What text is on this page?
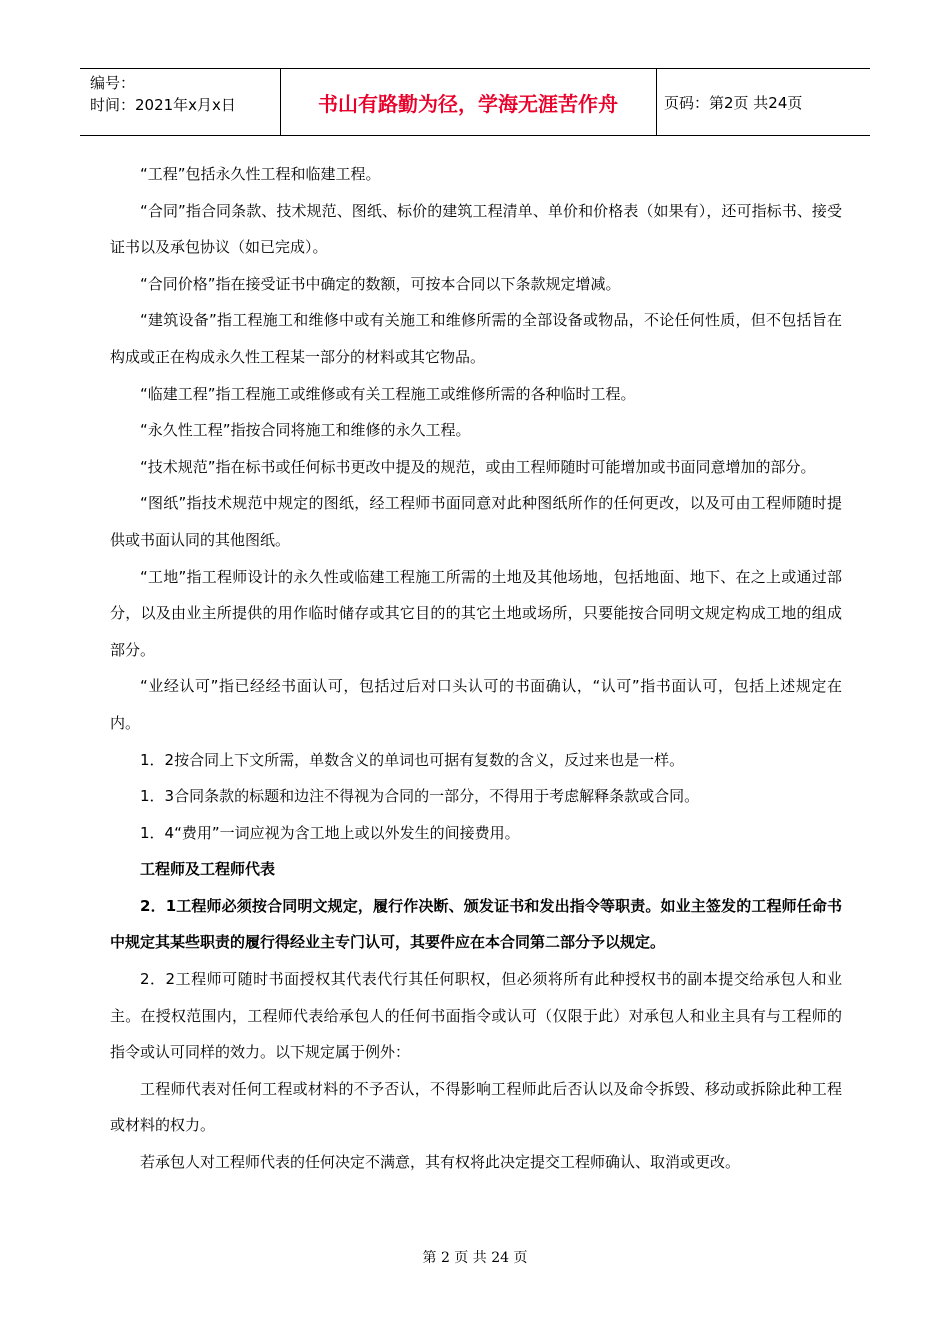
编号：
时间：2021年x月x日	书山有路勤为径，学海无涯苦作舟	页码：第2页 共24页

“工程”包括永久性工程和临建工程。

“合同”指合同条款、技术规范、图纸、标价的建筑工程清单、单价和价格表（如果有），还可指标书、接受证书以及承包协议（如已完成）。

“合同价格”指在接受证书中确定的数额，可按本合同以下条款规定增减。

“建筑设备”指工程施工和维修中或有关施工和维修所需的全部设备或物品，不论任何性质，但不包括旨在构成或正在构成永久性工程某一部分的材料或其它物品。

“临建工程”指工程施工或维修或有关工程施工或维修所需的各种临时工程。

“永久性工程”指按合同将施工和维修的永久工程。

“技术规范”指在标书或任何标书更改中提及的规范，或由工程师随时可能增加或书面同意增加的部分。

“图纸”指技术规范中规定的图纸，经工程师书面同意对此种图纸所作的任何更改，以及可由工程师随时提供或书面认同的其他图纸。

“工地”指工程师设计的永久性或临建工程施工所需的土地及其他场地，包括地面、地下、在之上或通过部分，以及由业主所提供的用作临时储存或其它目的的其它土地或场所，只要能按合同明文规定构成工地的组成部分。

“业经认可”指已经经书面认可，包括过后对口头认可的书面确认，“认可”指书面认可，包括上述规定在内。

1．2按合同上下文所需，单数含义的单词也可据有复数的含义，反过来也是一样。

1．3合同条款的标题和边注不得视为合同的一部分，不得用于考虑解释条款或合同。

1．4“费用”一词应视为含工地上或以外发生的间接费用。

工程师及工程师代表

2．1工程师必须按合同明文规定，履行作决断、颁发证书和发出指令等职责。如业主签发的工程师任命书中规定其某些职责的履行得经业主专门认可，其要件应在本合同第二部分予以规定。

2．2工程师可随时书面授权其代表代行其任何职权，但必须将所有此种授权书的副本提交给承包人和业主。在授权范围内，工程师代表给承包人的任何书面指令或认可（仅限于此）对承包人和业主具有与工程师的指令或认可同样的效力。以下规定属于例外：

工程师代表对任何工程或材料的不予否认，不得影响工程师此后否认以及命令拆毁、移动或拆除此种工程或材料的权力。

若承包人对工程师代表的任何决定不满意，其有权将此决定提交工程师确认、取消或更改。

第 2 页 共 24 页
